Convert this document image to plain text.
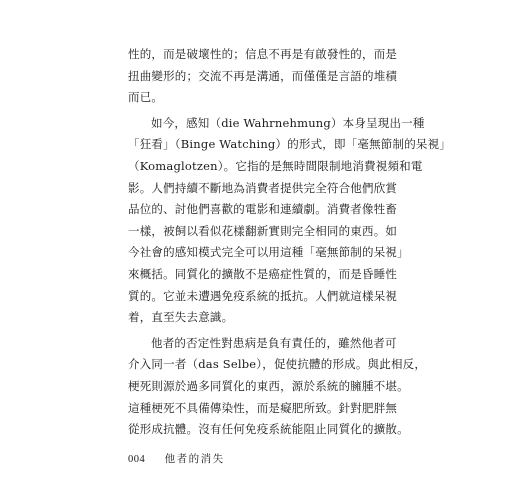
性的，而是破壞性的；信息不再是有啟發性的，而是
扭曲變形的；交流不再是溝通，而僅僅是言語的堆積
而已。
如今，感知（die Wahrnehmung）本身呈現出一種
「狂看」（Binge Watching）的形式，即「毫無節制的呆視」
（Komaglotzen）。它指的是無時間限制地消費視頻和電
影。人們持續不斷地為消費者提供完全符合他們欣賞
品位的、討他們喜歡的電影和連續劇。消費者像牲畜
一樣，被飼以看似花樣翻新實則完全相同的東西。如
今社會的感知模式完全可以用這種「毫無節制的呆視」
來概括。同質化的擴散不是癌症性質的，而是昏睡性
質的。它並未遭遇免疫系統的抵抗。人們就這樣呆視
着，直至失去意識。
他者的否定性對患病是負有責任的，雖然他者可
介入同一者（das Selbe），促使抗體的形成。與此相反，
梗死則源於過多同質化的東西，源於系統的臃腫不堪。
這種梗死不具備傳染性，而是癡肥所致。針對肥胖無
從形成抗體。沒有任何免疫系統能阻止同質化的擴散。
004 他者的消失
